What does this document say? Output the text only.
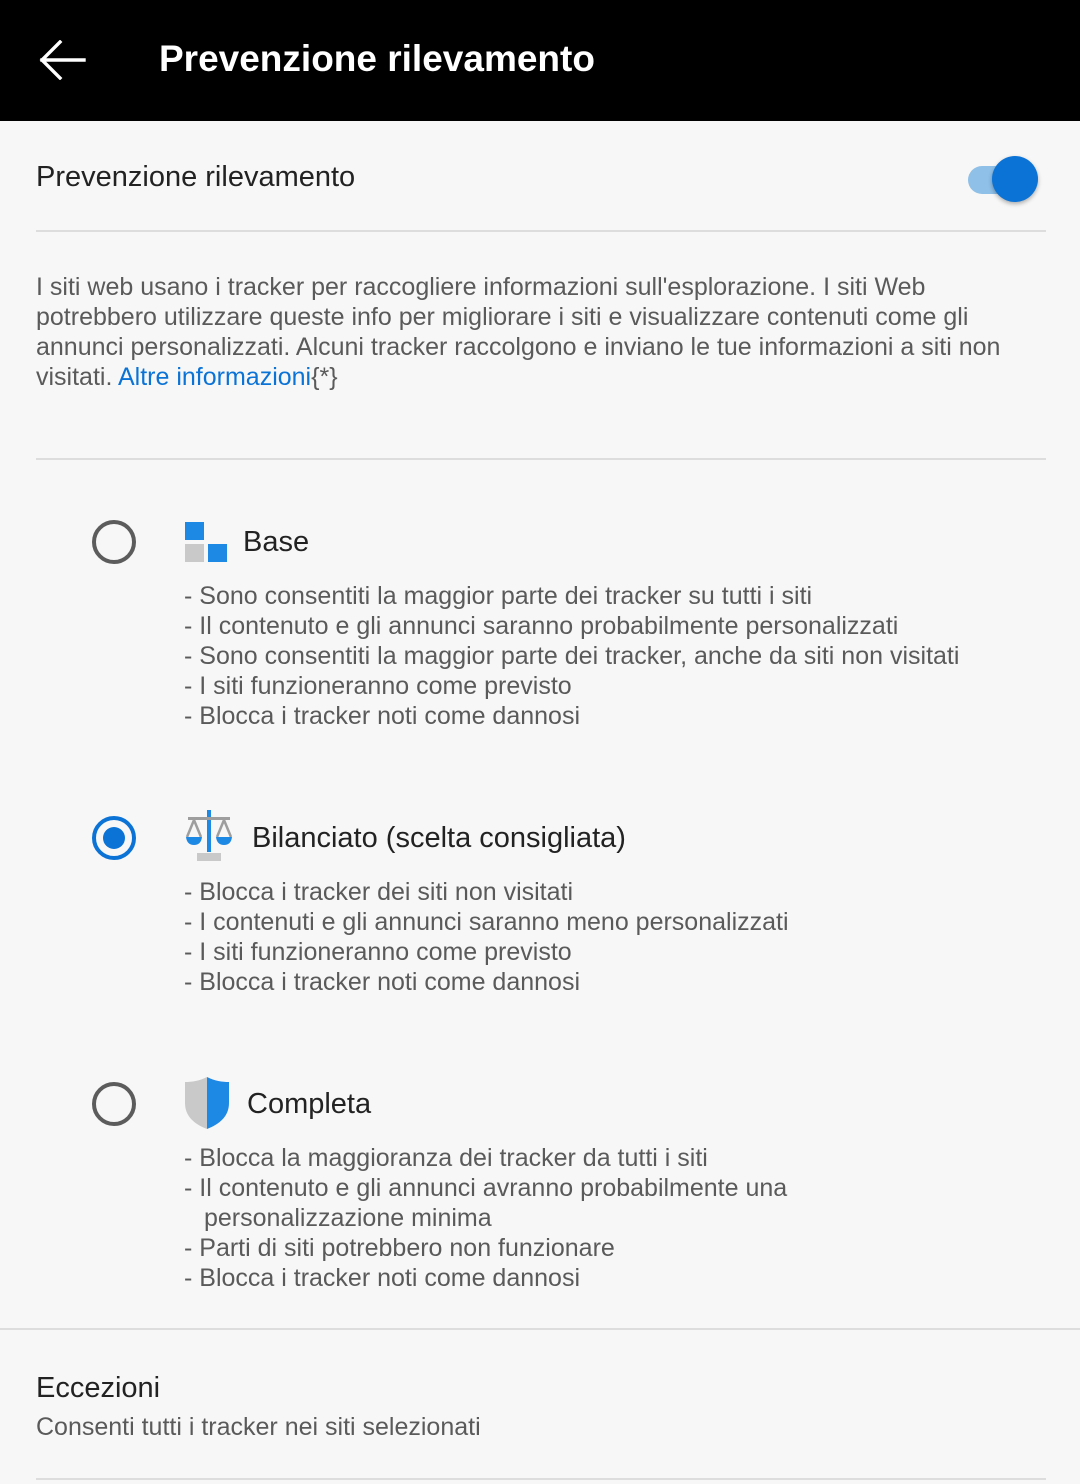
Prevenzione rilevamento
Prevenzione rilevamento
I siti web usano i tracker per raccogliere informazioni sull'esplorazione. I siti Web potrebbero utilizzare queste info per migliorare i siti e visualizzare contenuti come gli annunci personalizzati. Alcuni tracker raccolgono e inviano le tue informazioni a siti non visitati. Altre informazioni{*}
Base
- Sono consentiti la maggior parte dei tracker su tutti i siti
- Il contenuto e gli annunci saranno probabilmente personalizzati
- Sono consentiti la maggior parte dei tracker, anche da siti non visitati
- I siti funzioneranno come previsto
- Blocca i tracker noti come dannosi
Bilanciato (scelta consigliata)
- Blocca i tracker dei siti non visitati
- I contenuti e gli annunci saranno meno personalizzati
- I siti funzioneranno come previsto
- Blocca i tracker noti come dannosi
Completa
- Blocca la maggioranza dei tracker da tutti i siti
- Il contenuto e gli annunci avranno probabilmente una
personalizzazione minima
- Parti di siti potrebbero non funzionare
- Blocca i tracker noti come dannosi
Eccezioni
Consenti tutti i tracker nei siti selezionati
